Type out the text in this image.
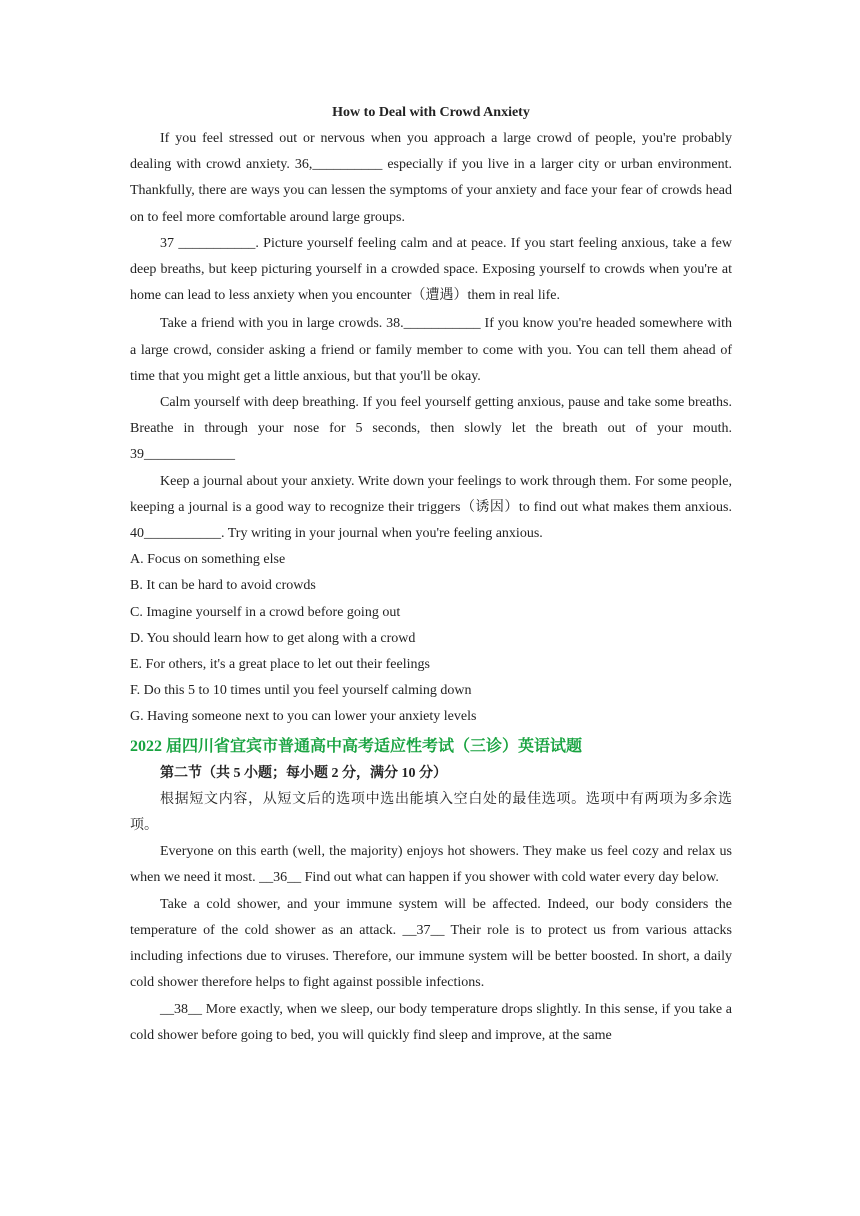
How to Deal with Crowd Anxiety

If you feel stressed out or nervous when you approach a large crowd of people, you're probably dealing with crowd anxiety. 36,__________ especially if you live in a larger city or urban environment. Thankfully, there are ways you can lessen the symptoms of your anxiety and face your fear of crowds head on to feel more comfortable around large groups.

37 ___________. Picture yourself feeling calm and at peace. If you start feeling anxious, take a few deep breaths, but keep picturing yourself in a crowded space. Exposing yourself to crowds when you're at home can lead to less anxiety when you encounter（遭遇）them in real life.

Take a friend with you in large crowds. 38.___________ If you know you're headed somewhere with a large crowd, consider asking a friend or family member to come with you. You can tell them ahead of time that you might get a little anxious, but that you'll be okay.

Calm yourself with deep breathing. If you feel yourself getting anxious, pause and take some breaths. Breathe in through your nose for 5 seconds, then slowly let the breath out of your mouth. 39_____________

Keep a journal about your anxiety. Write down your feelings to work through them. For some people, keeping a journal is a good way to recognize their triggers（诱因）to find out what makes them anxious. 40___________. Try writing in your journal when you're feeling anxious.

A. Focus on something else

B. It can be hard to avoid crowds

C. Imagine yourself in a crowd before going out

D. You should learn how to get along with a crowd

E. For others, it's a great place to let out their feelings

F. Do this 5 to 10 times until you feel yourself calming down

G. Having someone next to you can lower your anxiety levels

2022 届四川省宜宾市普通高中高考适应性考试（三诊）英语试题

第二节（共 5 小题；每小题 2 分，满分 10 分）

根据短文内容，从短文后的选项中选出能填入空白处的最佳选项。选项中有两项为多余选项。

Everyone on this earth (well, the majority) enjoys hot showers. They make us feel cozy and relax us when we need it most. __36__ Find out what can happen if you shower with cold water every day below.

Take a cold shower, and your immune system will be affected. Indeed, our body considers the temperature of the cold shower as an attack. __37__ Their role is to protect us from various attacks including infections due to viruses. Therefore, our immune system will be better boosted. In short, a daily cold shower therefore helps to fight against possible infections.

__38__ More exactly, when we sleep, our body temperature drops slightly. In this sense, if you take a cold shower before going to bed, you will quickly find sleep and improve, at the same
